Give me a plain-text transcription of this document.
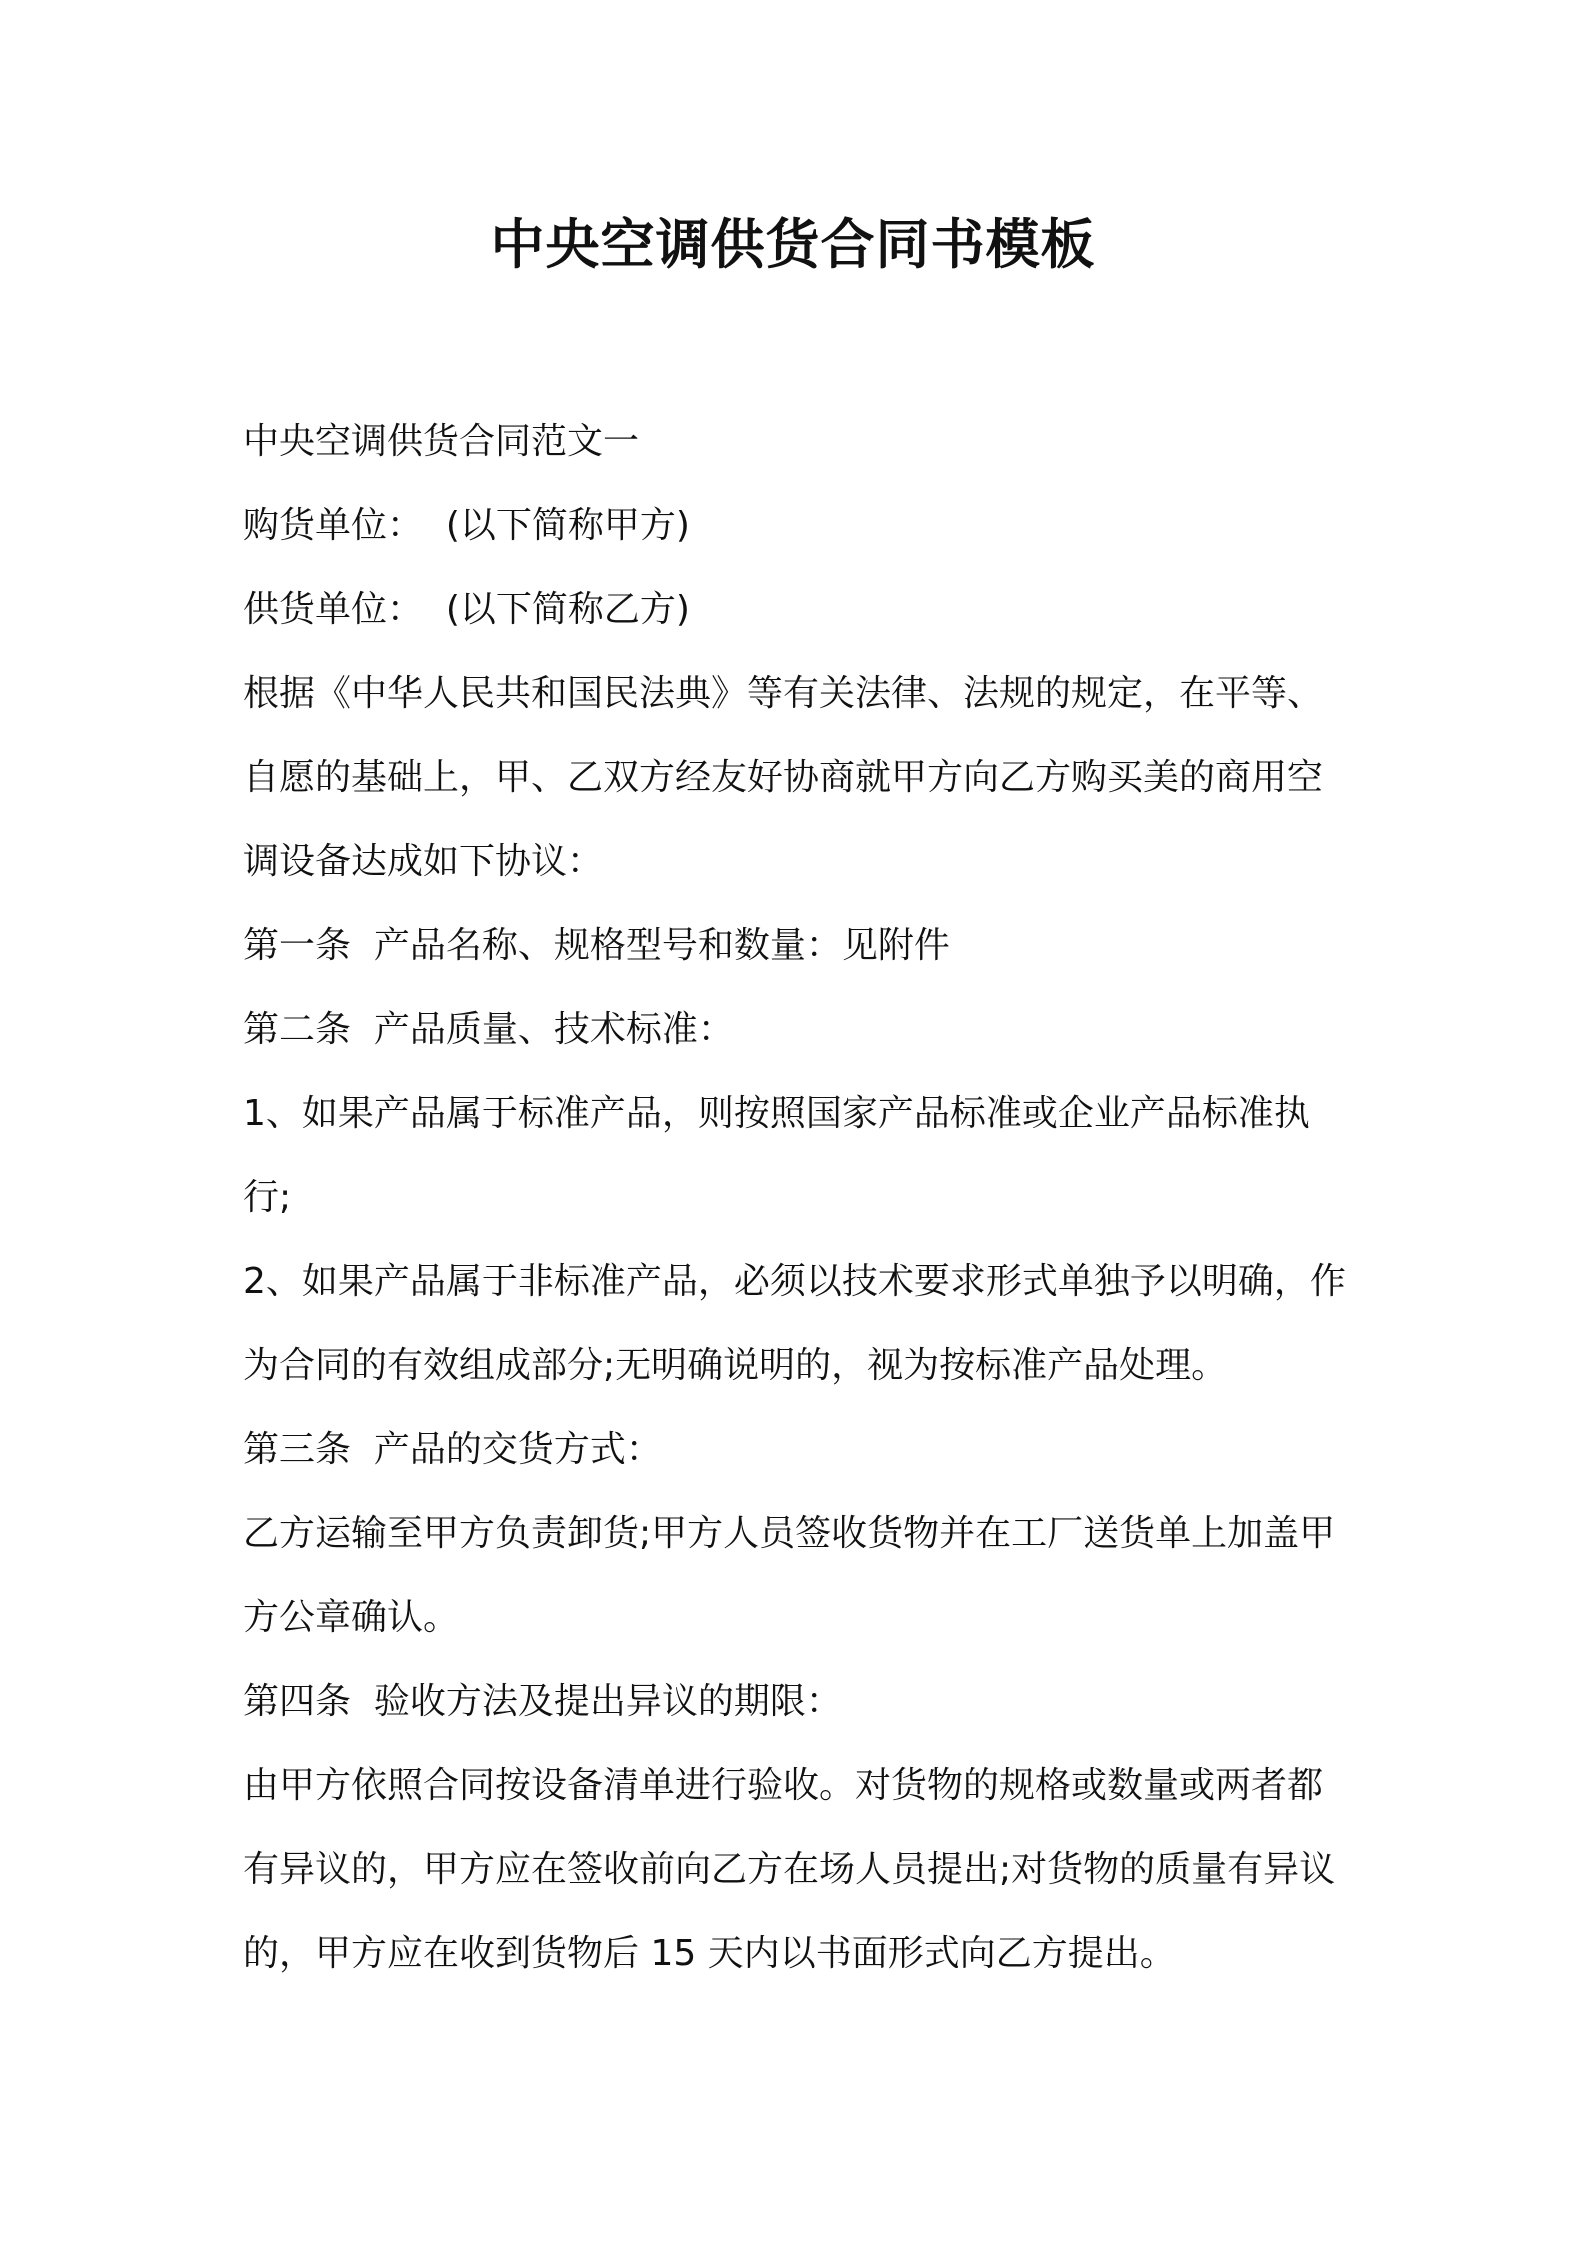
中央空调供货合同书模板

中央空调供货合同范文一

购货单位：  (以下简称甲方)

供货单位：  (以下简称乙方)

根据《中华人民共和国民法典》等有关法律、法规的规定，在平等、自愿的基础上，甲、乙双方经友好协商就甲方向乙方购买美的商用空调设备达成如下协议：

第一条  产品名称、规格型号和数量：见附件

第二条  产品质量、技术标准：

1、如果产品属于标准产品，则按照国家产品标准或企业产品标准执行;

2、如果产品属于非标准产品，必须以技术要求形式单独予以明确，作为合同的有效组成部分;无明确说明的，视为按标准产品处理。

第三条  产品的交货方式：

乙方运输至甲方负责卸货;甲方人员签收货物并在工厂送货单上加盖甲方公章确认。

第四条  验收方法及提出异议的期限：

由甲方依照合同按设备清单进行验收。对货物的规格或数量或两者都有异议的，甲方应在签收前向乙方在场人员提出;对货物的质量有异议的，甲方应在收到货物后 15 天内以书面形式向乙方提出。
